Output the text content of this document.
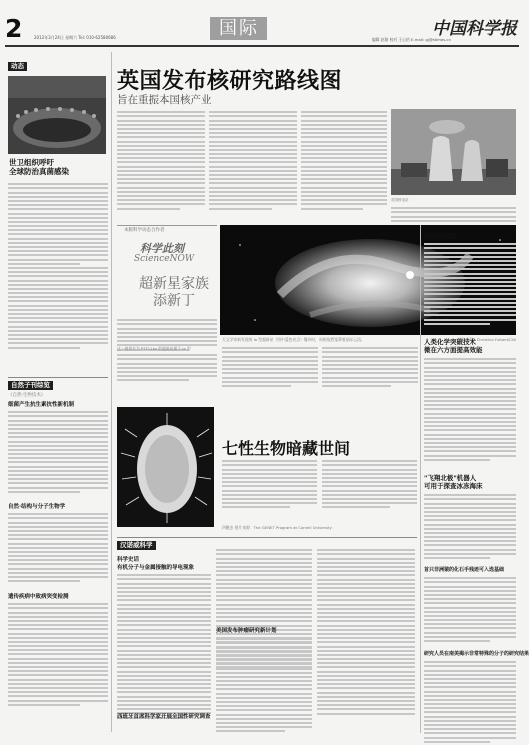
2	2012年3月24日 星期六 Tel: 010-62580686	国际	中国科学报
编辑 赵路 校对 王心怡 E-mail: gj@stimes.cn
动态
世卫组织呼吁
全球防治真菌感染
自然子刊综览
《自然·生物技术》
细菌产生抗生素抗性新机制
自然·结构与分子生物学
遗传疾病中致病突变检测
英国发布核研究路线图
旨在重振本国核产业
英国核电站
本版科学动态合作者
科学此刻
ScienceNOW
超新星家族
添新丁
天文学家新发现的 Ia 型超新星（图中蓝色亮点）爆炸时，周围依然笼罩着星际云团。	图片来源：Christina Fulbert/CfA
这一被命名为 PTF11kx 的超新星属于 Ia 型
四膜虫 图片来源：The GENET Program at Cornell University
七性生物暗藏世间
汉诺威科学
科学史话
有机分子与金属接触的导电现象
美国发布肿瘤研究新计划
西班牙首席科学家开展全国性研究调查
植物也偷窃
人类化学突破技术
微在六方面提高效能
"飞翔北极"机器人
可用于探查冰冻海床
首只非洲猿的化石手残迹可入选基础
研究人员在南美揭示非常特殊的分子的研究结果
